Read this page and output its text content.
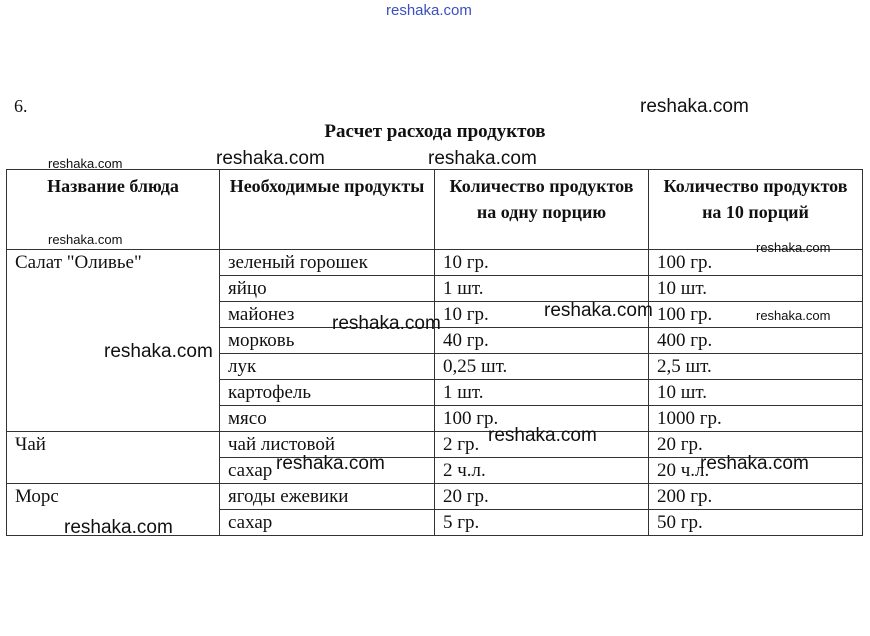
reshaka.com
6.
Расчет расхода продуктов
Название блюда	Необходимые продукты	Количество продуктов на одну порцию	Количество продуктов на 10 порций
Салат "Оливье"	зеленый горошек	10 гр.	100 гр.
	яйцо	1 шт.	10 шт.
	майонез	10 гр.	100 гр.
	морковь	40 гр.	400 гр.
	лук	0,25 шт.	2,5 шт.
	картофель	1 шт.	10 шт.
	мясо	100 гр.	1000 гр.
Чай	чай листовой	2 гр.	20 гр.
	сахар	2 ч.л.	20 ч.л.
Морс	ягоды ежевики	20 гр.	200 гр.
	сахар	5 гр.	50 гр.
reshaka.com
reshaka.com	reshaka.com	reshaka.com
reshaka.com
reshaka.com
reshaka.com	reshaka.com
reshaka.com
reshaka.com
reshaka.com
reshaka.com	reshaka.com
reshaka.com
